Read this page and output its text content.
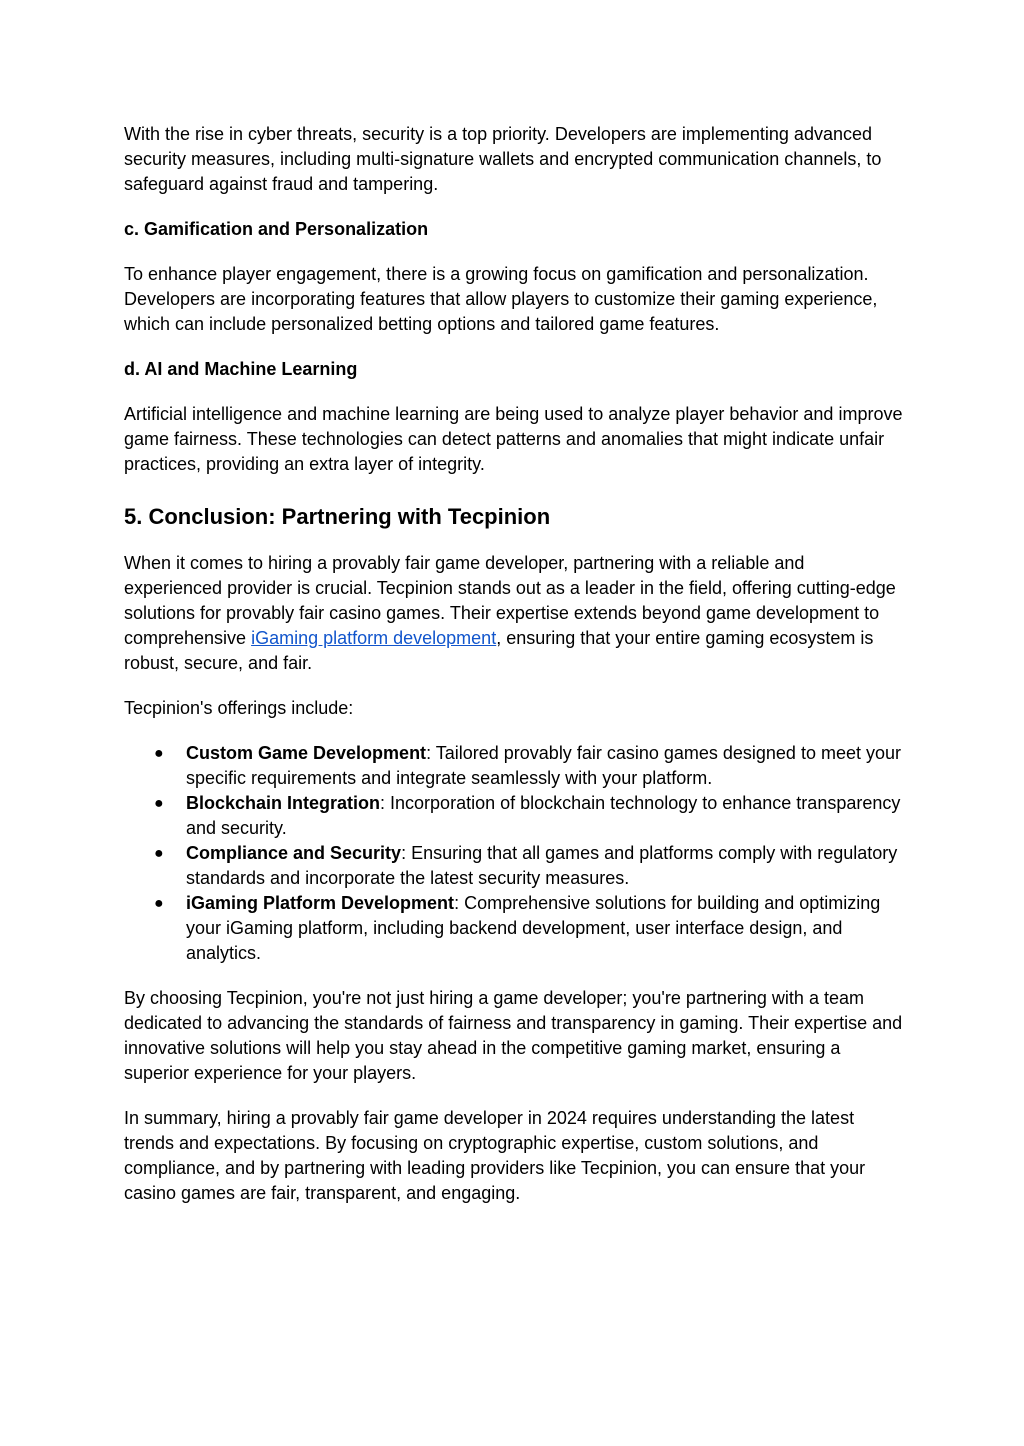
With the rise in cyber threats, security is a top priority. Developers are implementing advanced security measures, including multi-signature wallets and encrypted communication channels, to safeguard against fraud and tampering.

c. Gamification and Personalization

To enhance player engagement, there is a growing focus on gamification and personalization. Developers are incorporating features that allow players to customize their gaming experience, which can include personalized betting options and tailored game features.

d. AI and Machine Learning

Artificial intelligence and machine learning are being used to analyze player behavior and improve game fairness. These technologies can detect patterns and anomalies that might indicate unfair practices, providing an extra layer of integrity.

5. Conclusion: Partnering with Tecpinion

When it comes to hiring a provably fair game developer, partnering with a reliable and experienced provider is crucial. Tecpinion stands out as a leader in the field, offering cutting-edge solutions for provably fair casino games. Their expertise extends beyond game development to comprehensive iGaming platform development, ensuring that your entire gaming ecosystem is robust, secure, and fair.

Tecpinion's offerings include:

● Custom Game Development: Tailored provably fair casino games designed to meet your specific requirements and integrate seamlessly with your platform.
● Blockchain Integration: Incorporation of blockchain technology to enhance transparency and security.
● Compliance and Security: Ensuring that all games and platforms comply with regulatory standards and incorporate the latest security measures.
● iGaming Platform Development: Comprehensive solutions for building and optimizing your iGaming platform, including backend development, user interface design, and analytics.

By choosing Tecpinion, you're not just hiring a game developer; you're partnering with a team dedicated to advancing the standards of fairness and transparency in gaming. Their expertise and innovative solutions will help you stay ahead in the competitive gaming market, ensuring a superior experience for your players.

In summary, hiring a provably fair game developer in 2024 requires understanding the latest trends and expectations. By focusing on cryptographic expertise, custom solutions, and compliance, and by partnering with leading providers like Tecpinion, you can ensure that your casino games are fair, transparent, and engaging.
